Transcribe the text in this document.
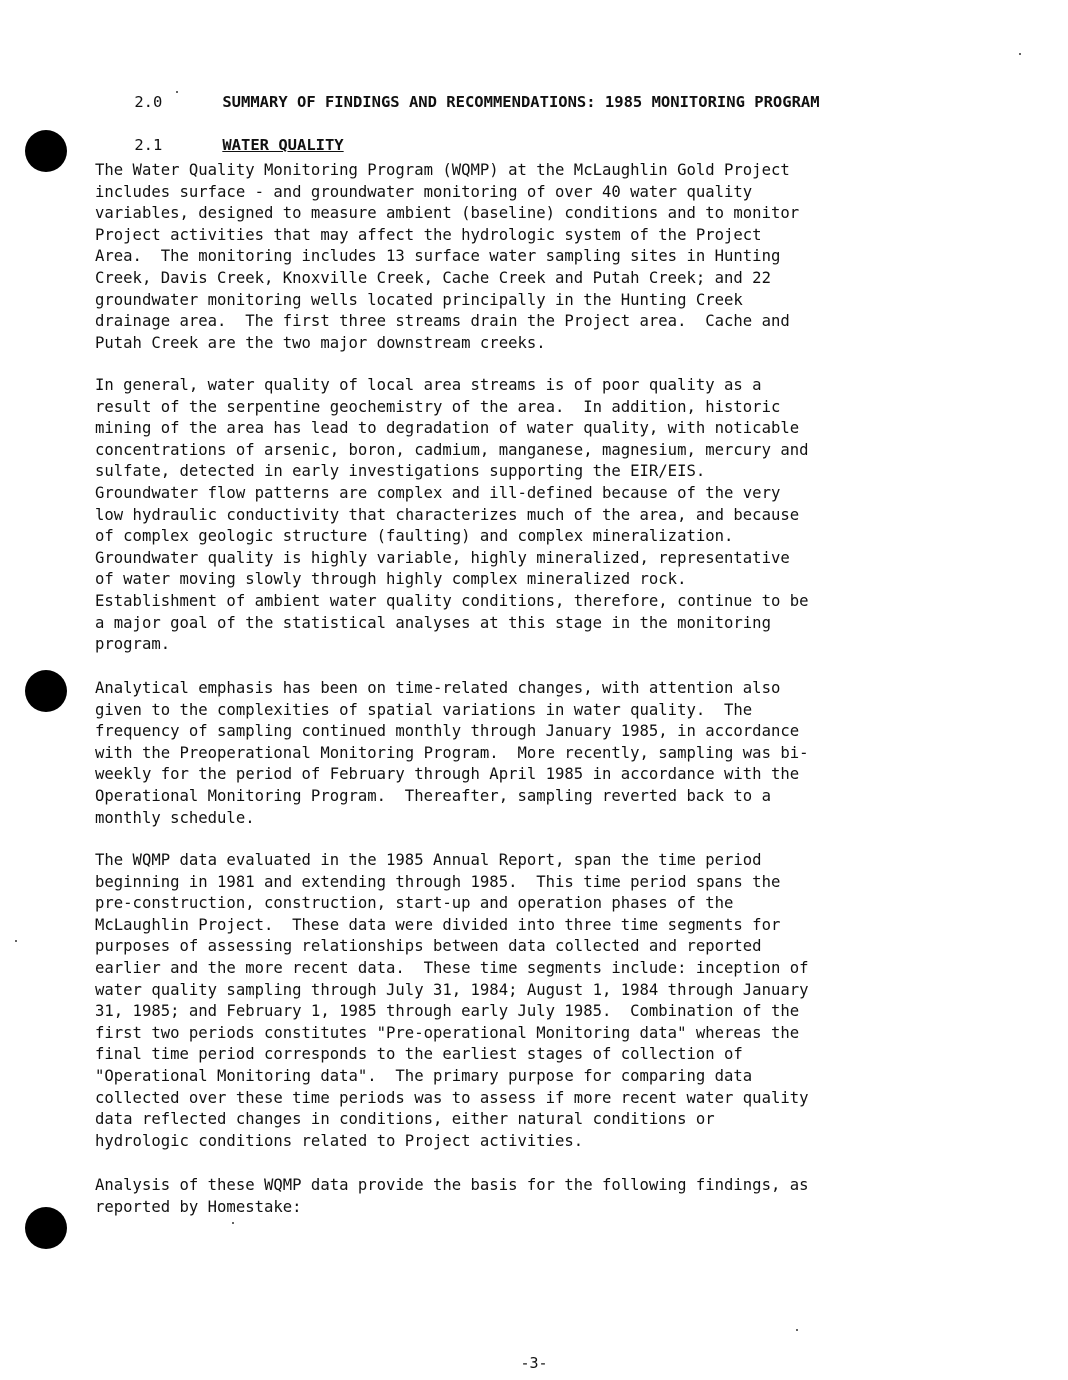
2.0	SUMMARY OF FINDINGS AND RECOMMENDATIONS: 1985 MONITORING PROGRAM

2.1	WATER QUALITY

The Water Quality Monitoring Program (WQMP) at the McLaughlin Gold Project
includes surface - and groundwater monitoring of over 40 water quality
variables, designed to measure ambient (baseline) conditions and to monitor
Project activities that may affect the hydrologic system of the Project
Area.  The monitoring includes 13 surface water sampling sites in Hunting
Creek, Davis Creek, Knoxville Creek, Cache Creek and Putah Creek; and 22
groundwater monitoring wells located principally in the Hunting Creek
drainage area.  The first three streams drain the Project area.  Cache and
Putah Creek are the two major downstream creeks.
In general, water quality of local area streams is of poor quality as a
result of the serpentine geochemistry of the area.  In addition, historic
mining of the area has lead to degradation of water quality, with noticable
concentrations of arsenic, boron, cadmium, manganese, magnesium, mercury and
sulfate, detected in early investigations supporting the EIR/EIS.
Groundwater flow patterns are complex and ill-defined because of the very
low hydraulic conductivity that characterizes much of the area, and because
of complex geologic structure (faulting) and complex mineralization.
Groundwater quality is highly variable, highly mineralized, representative
of water moving slowly through highly complex mineralized rock.
Establishment of ambient water quality conditions, therefore, continue to be
a major goal of the statistical analyses at this stage in the monitoring
program.
Analytical emphasis has been on time-related changes, with attention also
given to the complexities of spatial variations in water quality.  The
frequency of sampling continued monthly through January 1985, in accordance
with the Preoperational Monitoring Program.  More recently, sampling was bi-
weekly for the period of February through April 1985 in accordance with the
Operational Monitoring Program.  Thereafter, sampling reverted back to a
monthly schedule.
The WQMP data evaluated in the 1985 Annual Report, span the time period
beginning in 1981 and extending through 1985.  This time period spans the
pre-construction, construction, start-up and operation phases of the
McLaughlin Project.  These data were divided into three time segments for
purposes of assessing relationships between data collected and reported
earlier and the more recent data.  These time segments include: inception of
water quality sampling through July 31, 1984; August 1, 1984 through January
31, 1985; and February 1, 1985 through early July 1985.  Combination of the
first two periods constitutes "Pre-operational Monitoring data" whereas the
final time period corresponds to the earliest stages of collection of
"Operational Monitoring data".  The primary purpose for comparing data
collected over these time periods was to assess if more recent water quality
data reflected changes in conditions, either natural conditions or
hydrologic conditions related to Project activities.
Analysis of these WQMP data provide the basis for the following findings, as
reported by Homestake:
-3-
